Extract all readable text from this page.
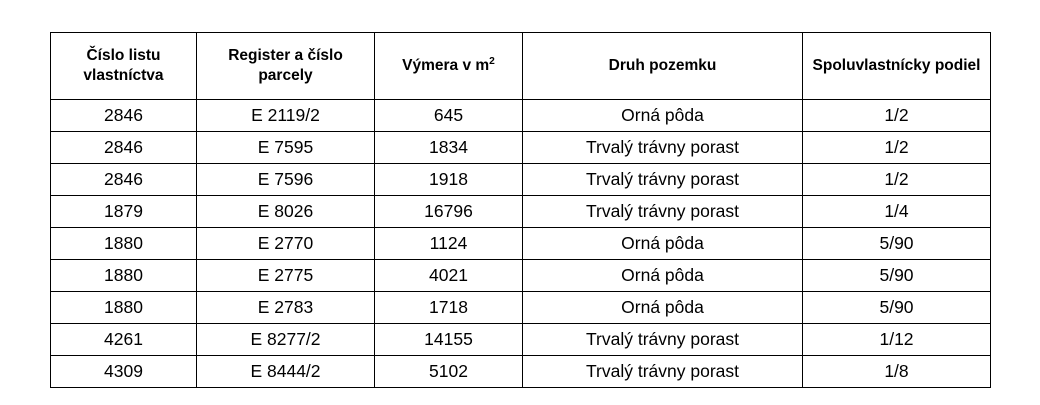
Číslo listu vlastníctva	Register a číslo parcely	Výmera v $m^2$	Druh pozemku	Spoluvlastnícky podiel
2846	E 2119/2	645	Orná pôda	1/2
2846	E 7595	1834	Trvalý trávny porast	1/2
2846	E 7596	1918	Trvalý trávny porast	1/2
1879	E 8026	16796	Trvalý trávny porast	1/4
1880	E 2770	1124	Orná pôda	5/90
1880	E 2775	4021	Orná pôda	5/90
1880	E 2783	1718	Orná pôda	5/90
4261	E 8277/2	14155	Trvalý trávny porast	1/12
4309	E 8444/2	5102	Trvalý trávny porast	1/8
